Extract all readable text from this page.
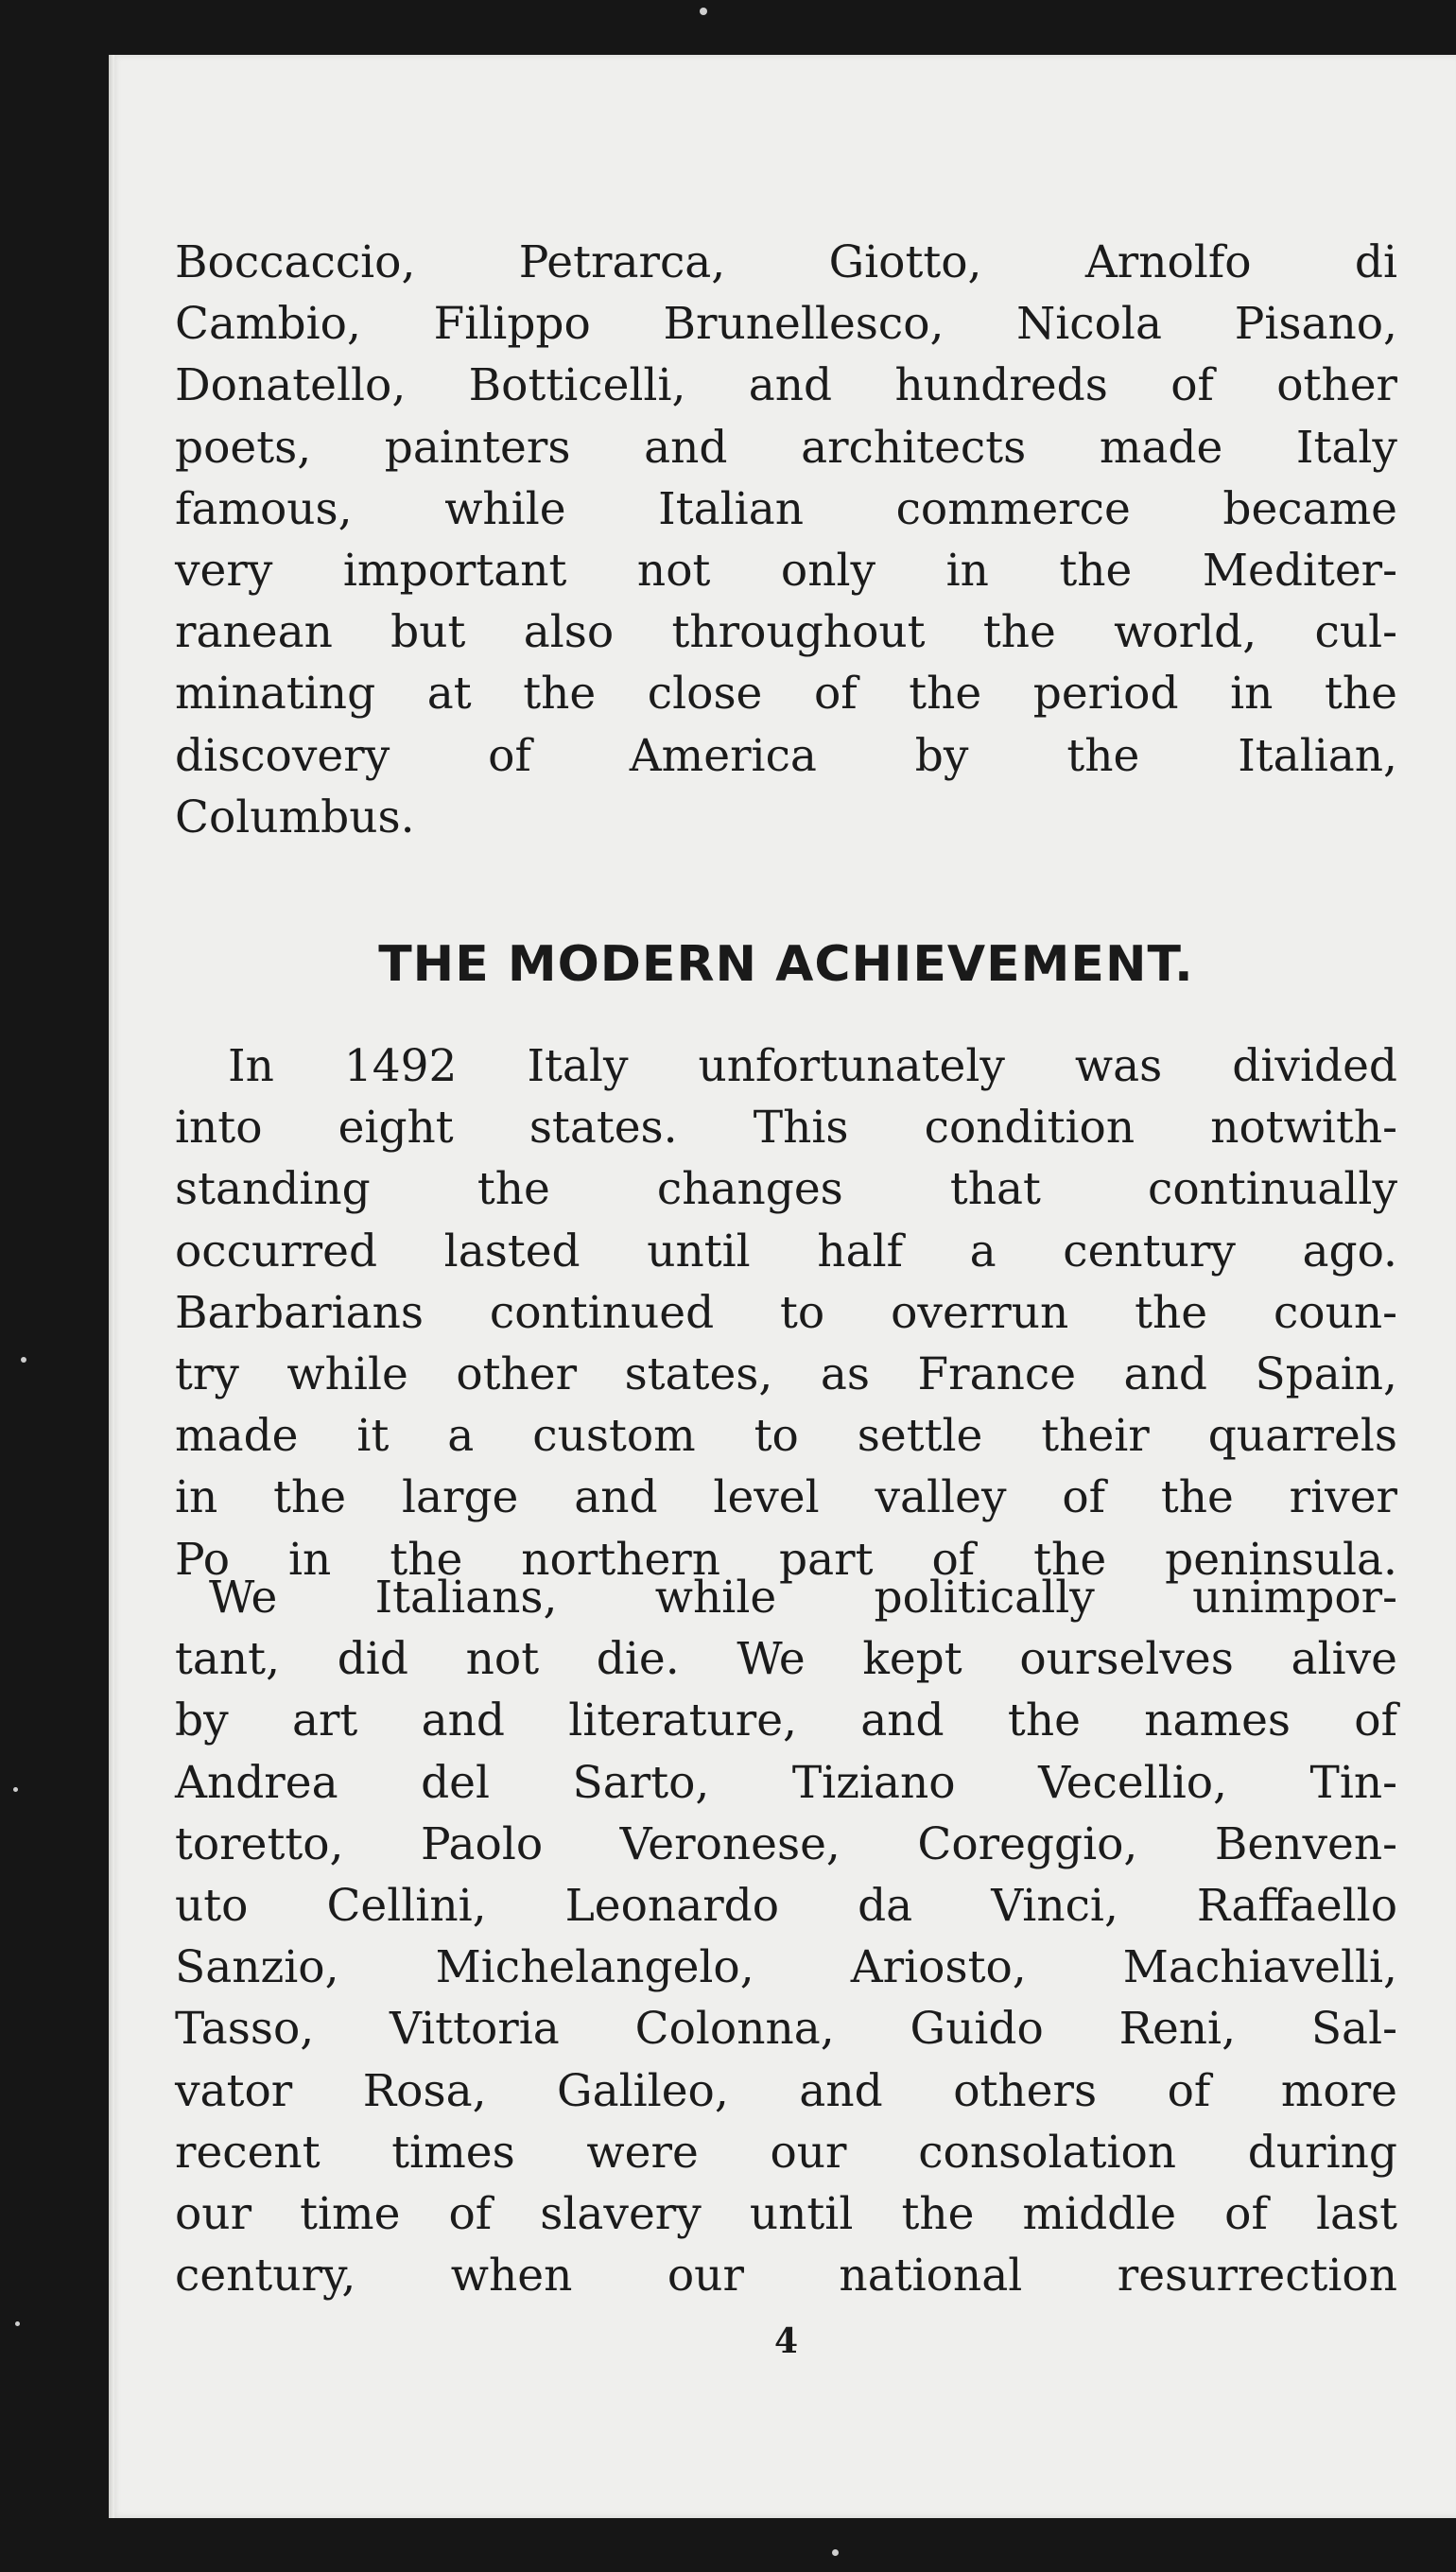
Boccaccio, Petrarca, Giotto, Arnolfo di
Cambio, Filippo Brunellesco, Nicola Pisano,
Donatello, Botticelli, and hundreds of other
poets, painters and architects made Italy
famous, while Italian commerce became
very important not only in the Mediter-
ranean but also throughout the world, cul-
minating at the close of the period in the
discovery of America by the Italian,
Columbus.
THE MODERN ACHIEVEMENT.
In 1492 Italy unfortunately was divided
into eight states. This condition notwith-
standing the changes that continually
occurred lasted until half a century ago.
Barbarians continued to overrun the coun-
try while other states, as France and Spain,
made it a custom to settle their quarrels
in the large and level valley of the river
Po in the northern part of the peninsula.
We Italians, while politically unimpor-
tant, did not die. We kept ourselves alive
by art and literature, and the names of
Andrea del Sarto, Tiziano Vecellio, Tin-
toretto, Paolo Veronese, Coreggio, Benven-
uto Cellini, Leonardo da Vinci, Raffaello
Sanzio, Michelangelo, Ariosto, Machiavelli,
Tasso, Vittoria Colonna, Guido Reni, Sal-
vator Rosa, Galileo, and others of more
recent times were our consolation during
our time of slavery until the middle of last
century, when our national resurrection
4
